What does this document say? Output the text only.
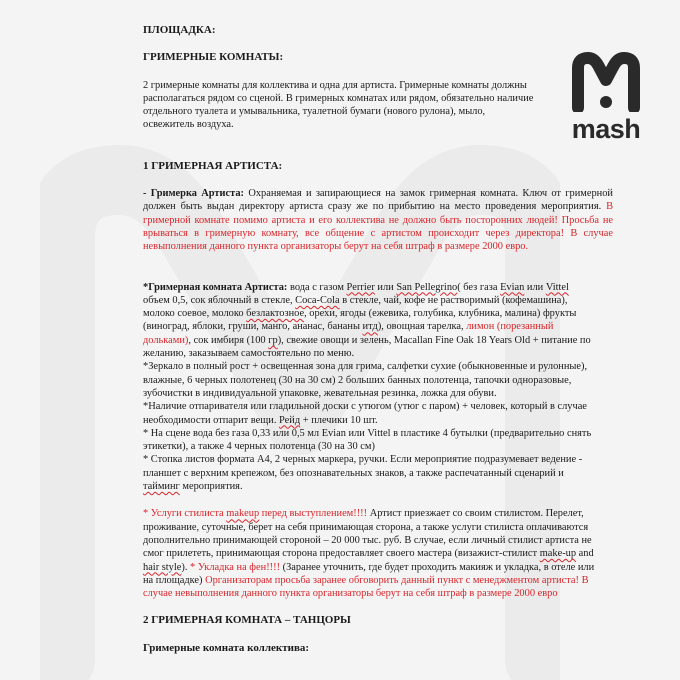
mash
ПЛОЩАДКА:
ГРИМЕРНЫЕ КОМНАТЫ:

2 гримерные комнаты для коллектива и одна для артиста. Гримерные комнаты должны располагаться рядом со сценой. В гримерных комнатах или рядом, обязательно наличие отдельного туалета и умывальника, туалетной бумаги (нового рулона), мыло, освежитель воздуха.

1 ГРИМЕРНАЯ АРТИСТА:

- Гримерка Артиста: Охраняемая и запирающиеся на замок гримерная комната. Ключ от гримерной должен быть выдан директору артиста сразу же по прибытию на место проведения мероприятия. В гримерной комнате помимо артиста и его коллектива не должно быть посторонних людей! Просьба не врываться в гримерную комнату, все общение с артистом происходит через директора! В случае невыполнения данного пункта организаторы берут на себя штраф в размере 2000 евро.

*Гримерная комната Артиста: вода с газом Perrier или San Pellegrino( без газа Evian или Vittel объем 0,5, сок яблочный в стекле, Coca-Cola в стекле, чай, кофе не растворимый (кофемашина), молоко соевое, молоко безлактозное, орехи, ягоды (ежевика, голубика, клубника, малина) фрукты (виноград, яблоки, груши, манго, ананас, бананы итд), овощная тарелка, лимон (порезанный дольками), сок имбиря (100 гр), свежие овощи и зелень, Macallan Fine Oak 18 Years Old + питание по желанию, заказываем самостоятельно по меню.

*Зеркало в полный рост + освещенная зона для грима, салфетки сухие (обыкновенные и рулонные), влажные, 6 черных полотенец (30 на 30 см) 2 больших банных полотенца, тапочки одноразовые, зубочистки в индивидуальной упаковке, жевательная резинка, ложка для обуви.

*Наличие отпаривателя или гладильной доски с утюгом (утюг с паром) + человек, который в случае необходимости отпарит вещи. Рейд + плечики 10 шт.

* На сцене вода без газа 0,33 или 0,5 мл Evian или Vittel в пластике 4 бутылки (предварительно снять этикетки), а также 4 черных полотенца (30 на 30 см)

* Стопка листов формата А4, 2 черных маркера, ручки. Если мероприятие подразумевает ведение - планшет с верхним крепежом, без опознавательных знаков, а также распечатанный сценарий и тайминг мероприятия.

* Услуги стилиста makeup перед выступлением!!!! Артист приезжает со своим стилистом. Перелет, проживание, суточные, берет на себя принимающая сторона, а также услуги стилиста оплачиваются дополнительно принимающей стороной – 20 000 тыс. руб. В случае, если личный стилист артиста не смог прилететь, принимающая сторона предоставляет своего мастера (визажист-стилист make-up and hair style). * Укладка на фен!!!! (Заранее уточнить, где будет проходить макияж и укладка, в отеле или на площадке) Организаторам просьба заранее обговорить данный пункт с менеджментом артиста! В случае невыполнения данного пункта организаторы берут на себя штраф в размере 2000 евро

2 ГРИМЕРНАЯ КОМНАТА – ТАНЦОРЫ
Гримерные комната коллектива:
